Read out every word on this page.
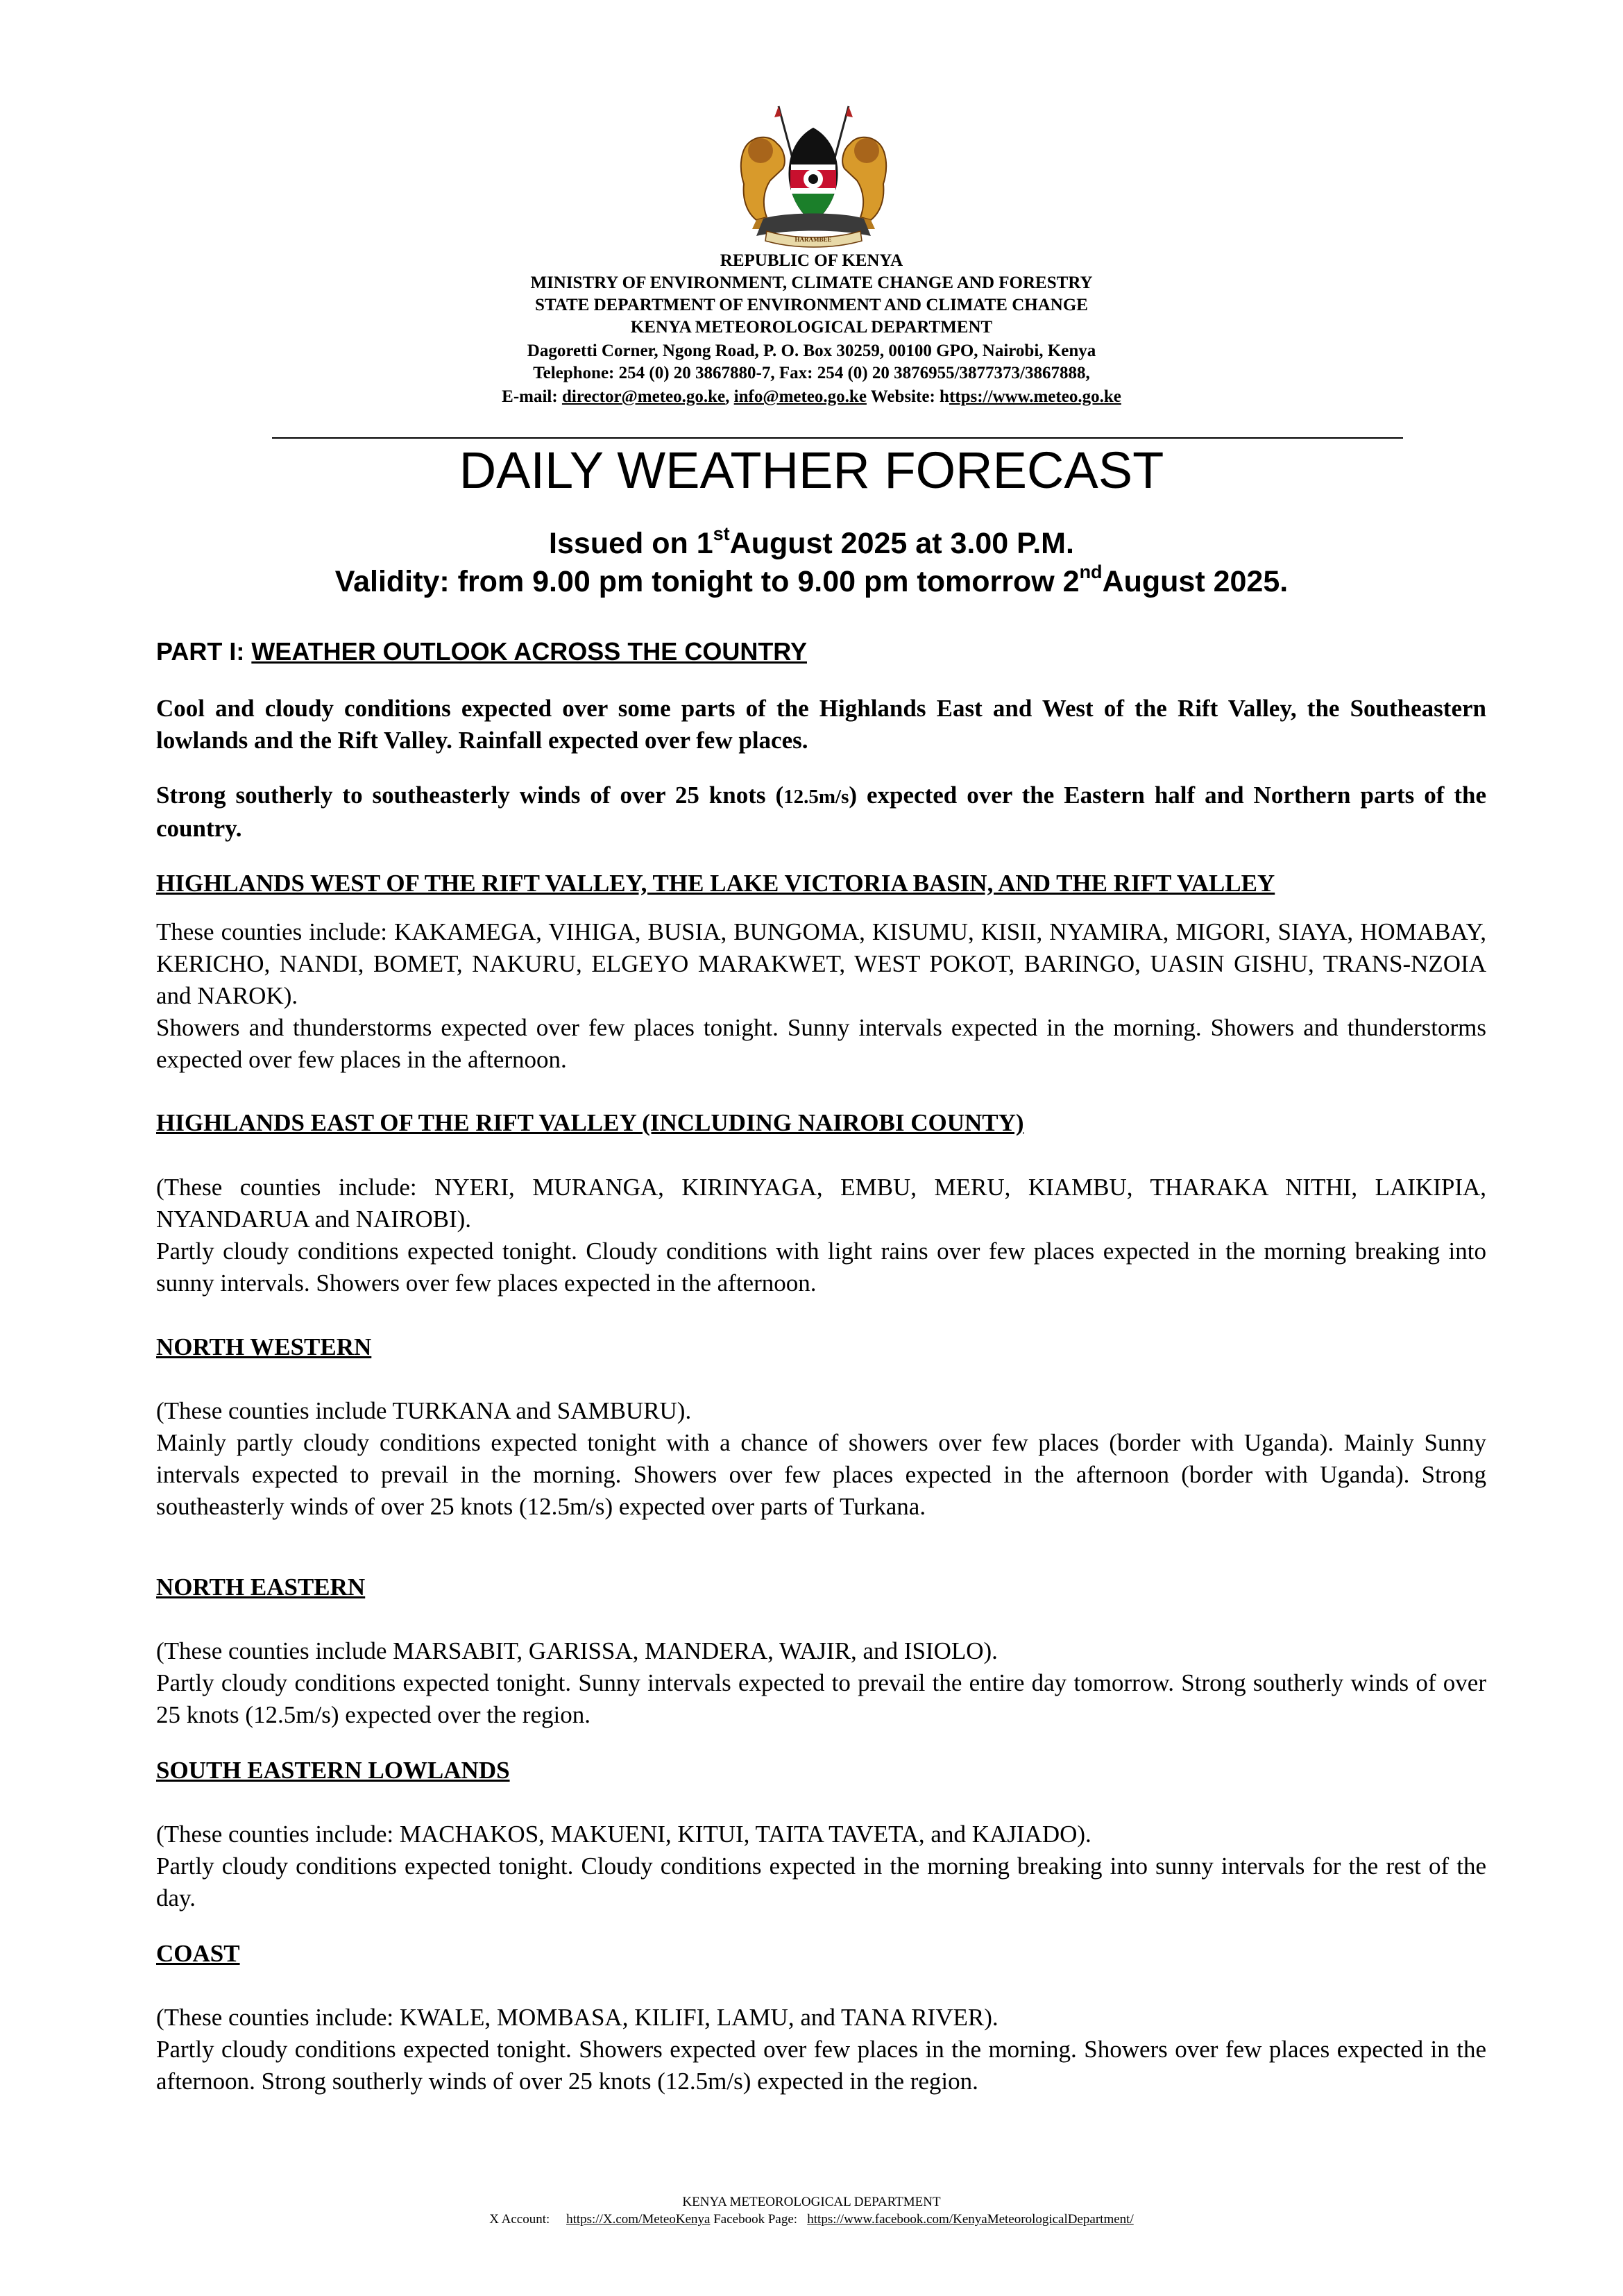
HARAMBEE
REPUBLIC OF KENYA
MINISTRY OF ENVIRONMENT, CLIMATE CHANGE AND FORESTRY
STATE DEPARTMENT OF ENVIRONMENT AND CLIMATE CHANGE
KENYA METEOROLOGICAL DEPARTMENT
Dagoretti Corner, Ngong Road, P. O. Box 30259, 00100 GPO, Nairobi, Kenya
Telephone: 254 (0) 20 3867880-7, Fax: 254 (0) 20 3876955/3877373/3867888,
E-mail: director@meteo.go.ke, info@meteo.go.ke Website: https://www.meteo.go.ke
DAILY WEATHER FORECAST
Issued on 1stAugust 2025 at 3.00 P.M.
Validity: from 9.00 pm tonight to 9.00 pm tomorrow 2ndAugust 2025.
PART I: WEATHER OUTLOOK ACROSS THE COUNTRY
Cool and cloudy conditions expected over some parts of the Highlands East and West of the Rift Valley, the Southeastern lowlands and the Rift Valley. Rainfall expected over few places.
Strong southerly to southeasterly winds of over 25 knots (12.5m/s) expected over the Eastern half and Northern parts of the country.
HIGHLANDS WEST OF THE RIFT VALLEY, THE LAKE VICTORIA BASIN, AND THE RIFT VALLEY
These counties include: KAKAMEGA, VIHIGA, BUSIA, BUNGOMA, KISUMU, KISII, NYAMIRA, MIGORI, SIAYA, HOMABAY, KERICHO, NANDI, BOMET, NAKURU, ELGEYO MARAKWET, WEST POKOT, BARINGO, UASIN GISHU, TRANS-NZOIA and NAROK).
Showers and thunderstorms expected over few places tonight. Sunny intervals expected in the morning. Showers and thunderstorms expected over few places in the afternoon.
HIGHLANDS EAST OF THE RIFT VALLEY (INCLUDING NAIROBI COUNTY)
(These counties include: NYERI, MURANGA, KIRINYAGA, EMBU, MERU, KIAMBU, THARAKA NITHI, LAIKIPIA, NYANDARUA and NAIROBI).
Partly cloudy conditions expected tonight. Cloudy conditions with light rains over few places expected in the morning breaking into sunny intervals. Showers over few places expected in the afternoon.
NORTH WESTERN
(These counties include TURKANA and SAMBURU).
Mainly partly cloudy conditions expected tonight with a chance of showers over few places (border with Uganda). Mainly Sunny intervals expected to prevail in the morning. Showers over few places expected in the afternoon (border with Uganda). Strong southeasterly winds of over 25 knots (12.5m/s) expected over parts of Turkana.
NORTH EASTERN
(These counties include MARSABIT, GARISSA, MANDERA, WAJIR, and ISIOLO).
Partly cloudy conditions expected tonight. Sunny intervals expected to prevail the entire day tomorrow. Strong southerly winds of over 25 knots (12.5m/s) expected over the region.
SOUTH EASTERN LOWLANDS
(These counties include: MACHAKOS, MAKUENI, KITUI, TAITA TAVETA, and KAJIADO).
Partly cloudy conditions expected tonight. Cloudy conditions expected in the morning breaking into sunny intervals for the rest of the day.
COAST
(These counties include: KWALE, MOMBASA, KILIFI, LAMU, and TANA RIVER).
Partly cloudy conditions expected tonight. Showers expected over few places in the morning. Showers over few places expected in the afternoon. Strong southerly winds of over 25 knots (12.5m/s) expected in the region.
KENYA METEOROLOGICAL DEPARTMENT
X Account: https://X.com/MeteoKenya Facebook Page: https://www.facebook.com/KenyaMeteorologicalDepartment/
